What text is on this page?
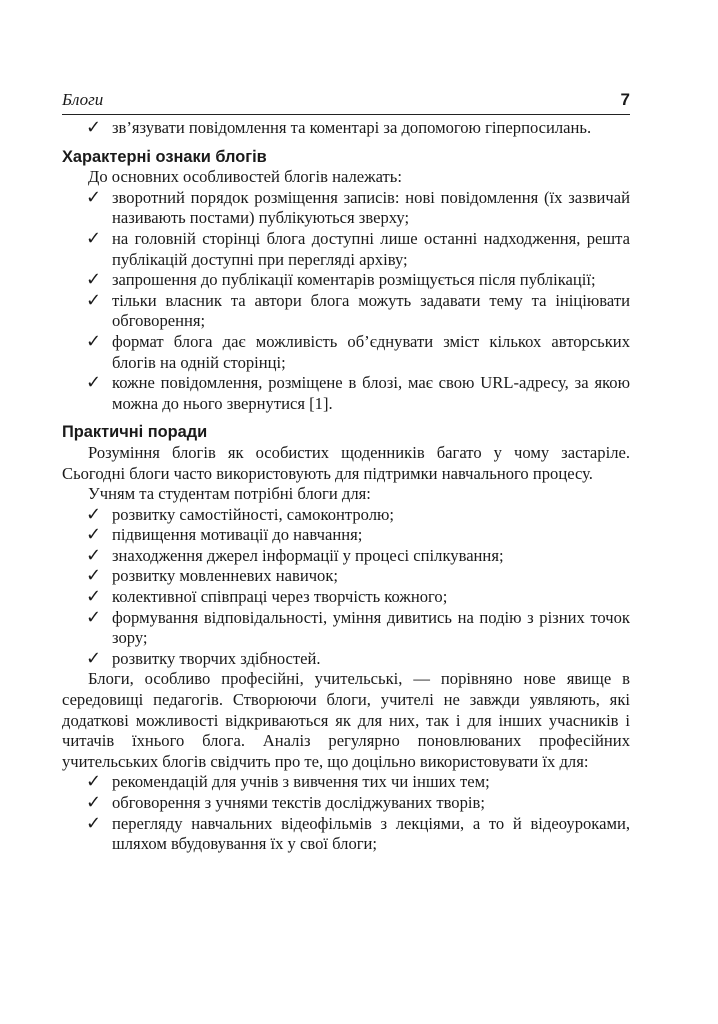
Блоги	7
✓ зв’язувати повідомлення та коментарі за допомогою гіперпосилань.
Характерні ознаки блогів

До основних особливостей блогів належать:

✓ зворотний порядок розміщення записів: нові повідомлення (їх зазвичай називають постами) публікуються зверху;
✓ на головній сторінці блога доступні лише останні надходження, решта публікацій доступні при перегляді архіву;
✓ запрошення до публікації коментарів розміщується після публікації;
✓ тільки власник та автори блога можуть задавати тему та ініціювати обговорення;
✓ формат блога дає можливість об’єднувати зміст кількох авторських блогів на одній сторінці;
✓ кожне повідомлення, розміщене в блозі, має свою URL-адресу, за якою можна до нього звернутися [1].
Практичні поради

Розуміння блогів як особистих щоденників багато у чому застаріле. Сьогодні блоги часто використовують для підтримки навчального процесу.

Учням та студентам потрібні блоги для:

✓ розвитку самостійності, самоконтролю;
✓ підвищення мотивації до навчання;
✓ знаходження джерел інформації у процесі спілкування;
✓ розвитку мовленневих навичок;
✓ колективної співпраці через творчість кожного;
✓ формування відповідальності, уміння дивитись на подію з різних точок зору;
✓ розвитку творчих здібностей.

Блоги, особливо професійні, учительські, — порівняно нове явище в середовищі педагогів. Створюючи блоги, учителі не завжди уявляють, які додаткові можливості відкриваються як для них, так і для інших учасників і читачів їхнього блога. Аналіз регулярно поновлюваних професійних учительських блогів свідчить про те, що доцільно використовувати їх для:

✓ рекомендацій для учнів з вивчення тих чи інших тем;
✓ обговорення з учнями текстів досліджуваних творів;
✓ перегляду навчальних відеофільмів з лекціями, а то й відеоуроками, шляхом вбудовування їх у свої блоги;
